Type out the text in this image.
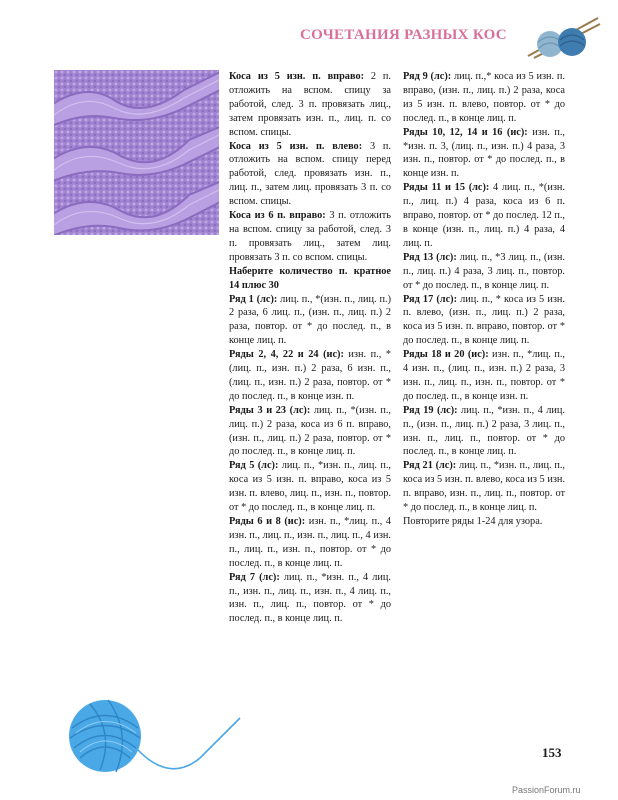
СОЧЕТАНИЯ РАЗНЫХ КОС

Коса из 5 изн. п. вправо: 2 п. отложить на вспом. спицу за работой, след. 3 п. провязать лиц., затем провязать изн. п., лиц. п. со вспом. спицы.

Коса из 5 изн. п. влево: 3 п. отложить на вспом. спицу перед работой, след. провязать изн. п., лиц. п., затем лиц. провязать 3 п. со вспом. спицы.

Коса из 6 п. вправо: 3 п. отложить на вспом. спицу за работой, след. 3 п. провязать лиц., затем лиц. провязать 3 п. со вспом. спицы.

Наберите количество п. кратное 14 плюс 30

Ряд 1 (лс): лиц. п., *(изн. п., лиц. п.) 2 раза, 6 лиц. п., (изн. п., лиц. п.) 2 раза, повтор. от * до послед. п., в конце лиц. п.

Ряды 2, 4, 22 и 24 (ис): изн. п., *(лиц. п., изн. п.) 2 раза, 6 изн. п., (лиц. п., изн. п.) 2 раза, повтор. от * до послед. п., в конце изн. п.

Ряды 3 и 23 (лс): лиц. п., *(изн. п., лиц. п.) 2 раза, коса из 6 п. вправо, (изн. п., лиц. п.) 2 раза, повтор. от * до послед. п., в конце лиц. п.

Ряд 5 (лс): лиц. п., *изн. п., лиц. п., коса из 5 изн. п. вправо, коса из 5 изн. п. влево, лиц. п., изн. п., повтор. от * до послед. п., в конце лиц. п.

Ряды 6 и 8 (ис): изн. п., *лиц. п., 4 изн. п., лиц. п., изн. п., лиц. п., 4 изн. п., лиц. п., изн. п., повтор. от * до послед. п., в конце лиц. п.

Ряд 7 (лс): лиц. п., *изн. п., 4 лиц. п., изн. п., лиц. п., изн. п., 4 лиц. п., изн. п., лиц. п., повтор. от * до послед. п., в конце лиц. п.

Ряд 9 (лс): лиц. п.,* коса из 5 изн. п. вправо, (изн. п., лиц. п.) 2 раза, коса из 5 изн. п. влево, повтор. от * до послед. п., в конце лиц. п.

Ряды 10, 12, 14 и 16 (ис): изн. п., *изн. п. 3, (лиц. п., изн. п.) 4 раза, 3 изн. п., повтор. от * до послед. п., в конце изн. п.

Ряды 11 и 15 (лс): 4 лиц. п., *(изн. п., лиц. п.) 4 раза, коса из 6 п. вправо, повтор. от * до послед. 12 п., в конце (изн. п., лиц. п.) 4 раза, 4 лиц. п.

Ряд 13 (лс): лиц. п., *3 лиц. п., (изн. п., лиц. п.) 4 раза, 3 лиц. п., повтор. от * до послед. п., в конце лиц. п.

Ряд 17 (лс): лиц. п., * коса из 5 изн. п. влево, (изн. п., лиц. п.) 2 раза, коса из 5 изн. п. вправо, повтор. от * до послед. п., в конце лиц. п.

Ряды 18 и 20 (ис): изн. п., *лиц. п., 4 изн. п., (лиц. п., изн. п.) 2 раза, 3 изн. п., лиц. п., изн. п., повтор. от * до послед. п., в конце изн. п.

Ряд 19 (лс): лиц. п., *изн. п., 4 лиц. п., (изн. п., лиц. п.) 2 раза, 3 лиц. п., изн. п., лиц. п., повтор. от * до послед. п., в конце лиц. п.

Ряд 21 (лс): лиц. п., *изн. п., лиц. п., коса из 5 изн. п. влево, коса из 5 изн. п. вправо, изн. п., лиц. п., повтор. от * до послед. п., в конце лиц. п.

Повторите ряды 1-24 для узора.

153
PassionForum.ru
